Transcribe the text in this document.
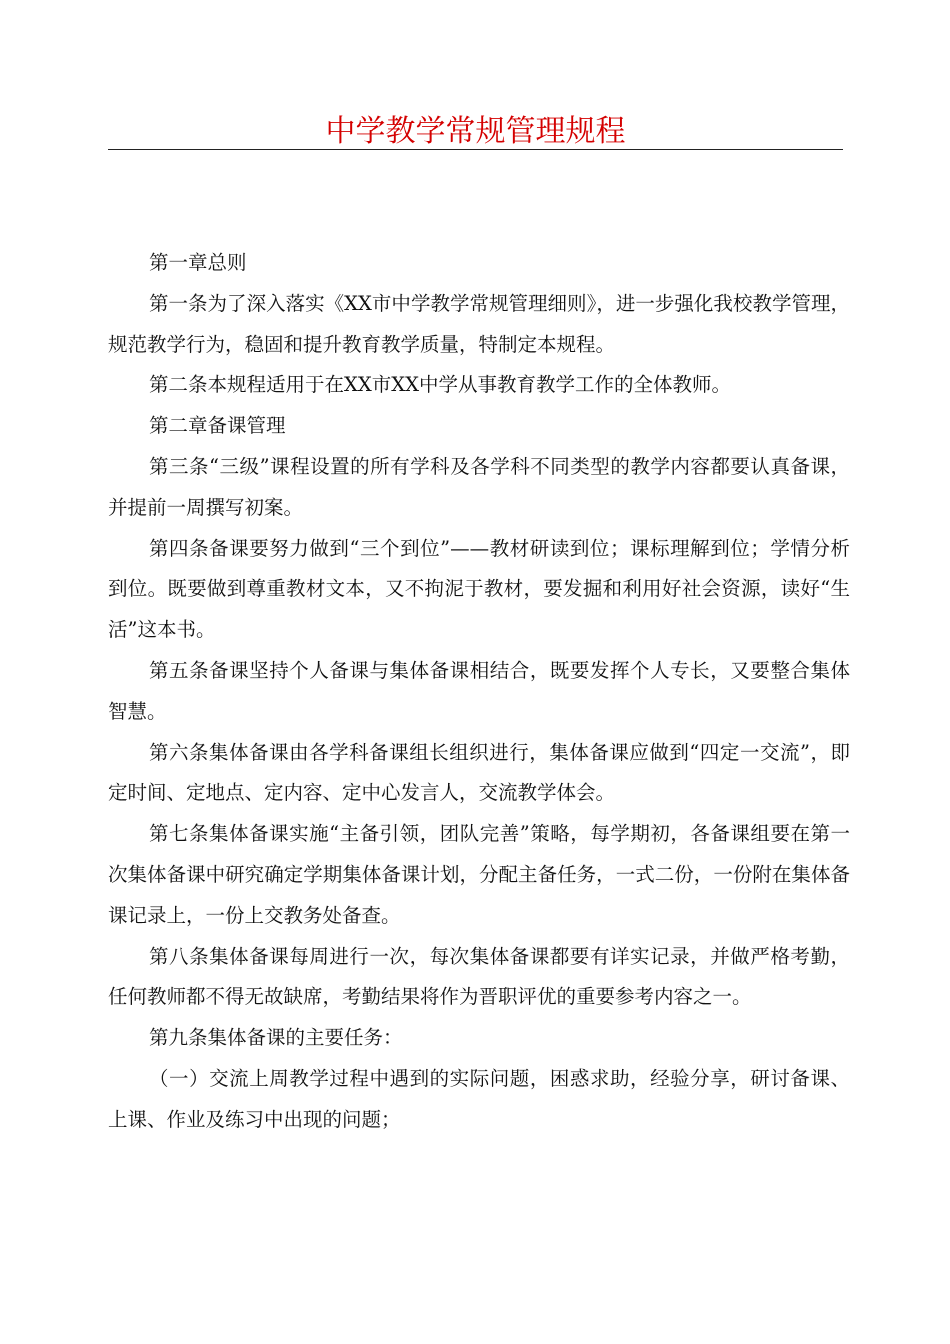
中学教学常规管理规程

第一章总则

第一条为了深入落实《XX市中学教学常规管理细则》，进一步强化我校教学管理，规范教学行为，稳固和提升教育教学质量，特制定本规程。

第二条本规程适用于在XX市XX中学从事教育教学工作的全体教师。

第二章备课管理

第三条“三级”课程设置的所有学科及各学科不同类型的教学内容都要认真备课，并提前一周撰写初案。

第四条备课要努力做到“三个到位”——教材研读到位；课标理解到位；学情分析到位。既要做到尊重教材文本，又不拘泥于教材，要发掘和利用好社会资源，读好“生活”这本书。

第五条备课坚持个人备课与集体备课相结合，既要发挥个人专长，又要整合集体智慧。

第六条集体备课由各学科备课组长组织进行，集体备课应做到“四定一交流”，即定时间、定地点、定内容、定中心发言人，交流教学体会。

第七条集体备课实施“主备引领，团队完善”策略，每学期初，各备课组要在第一次集体备课中研究确定学期集体备课计划，分配主备任务，一式二份，一份附在集体备课记录上，一份上交教务处备查。

第八条集体备课每周进行一次，每次集体备课都要有详实记录，并做严格考勤，任何教师都不得无故缺席，考勤结果将作为晋职评优的重要参考内容之一。

第九条集体备课的主要任务：

（一）交流上周教学过程中遇到的实际问题，困惑求助，经验分享，研讨备课、上课、作业及练习中出现的问题；
